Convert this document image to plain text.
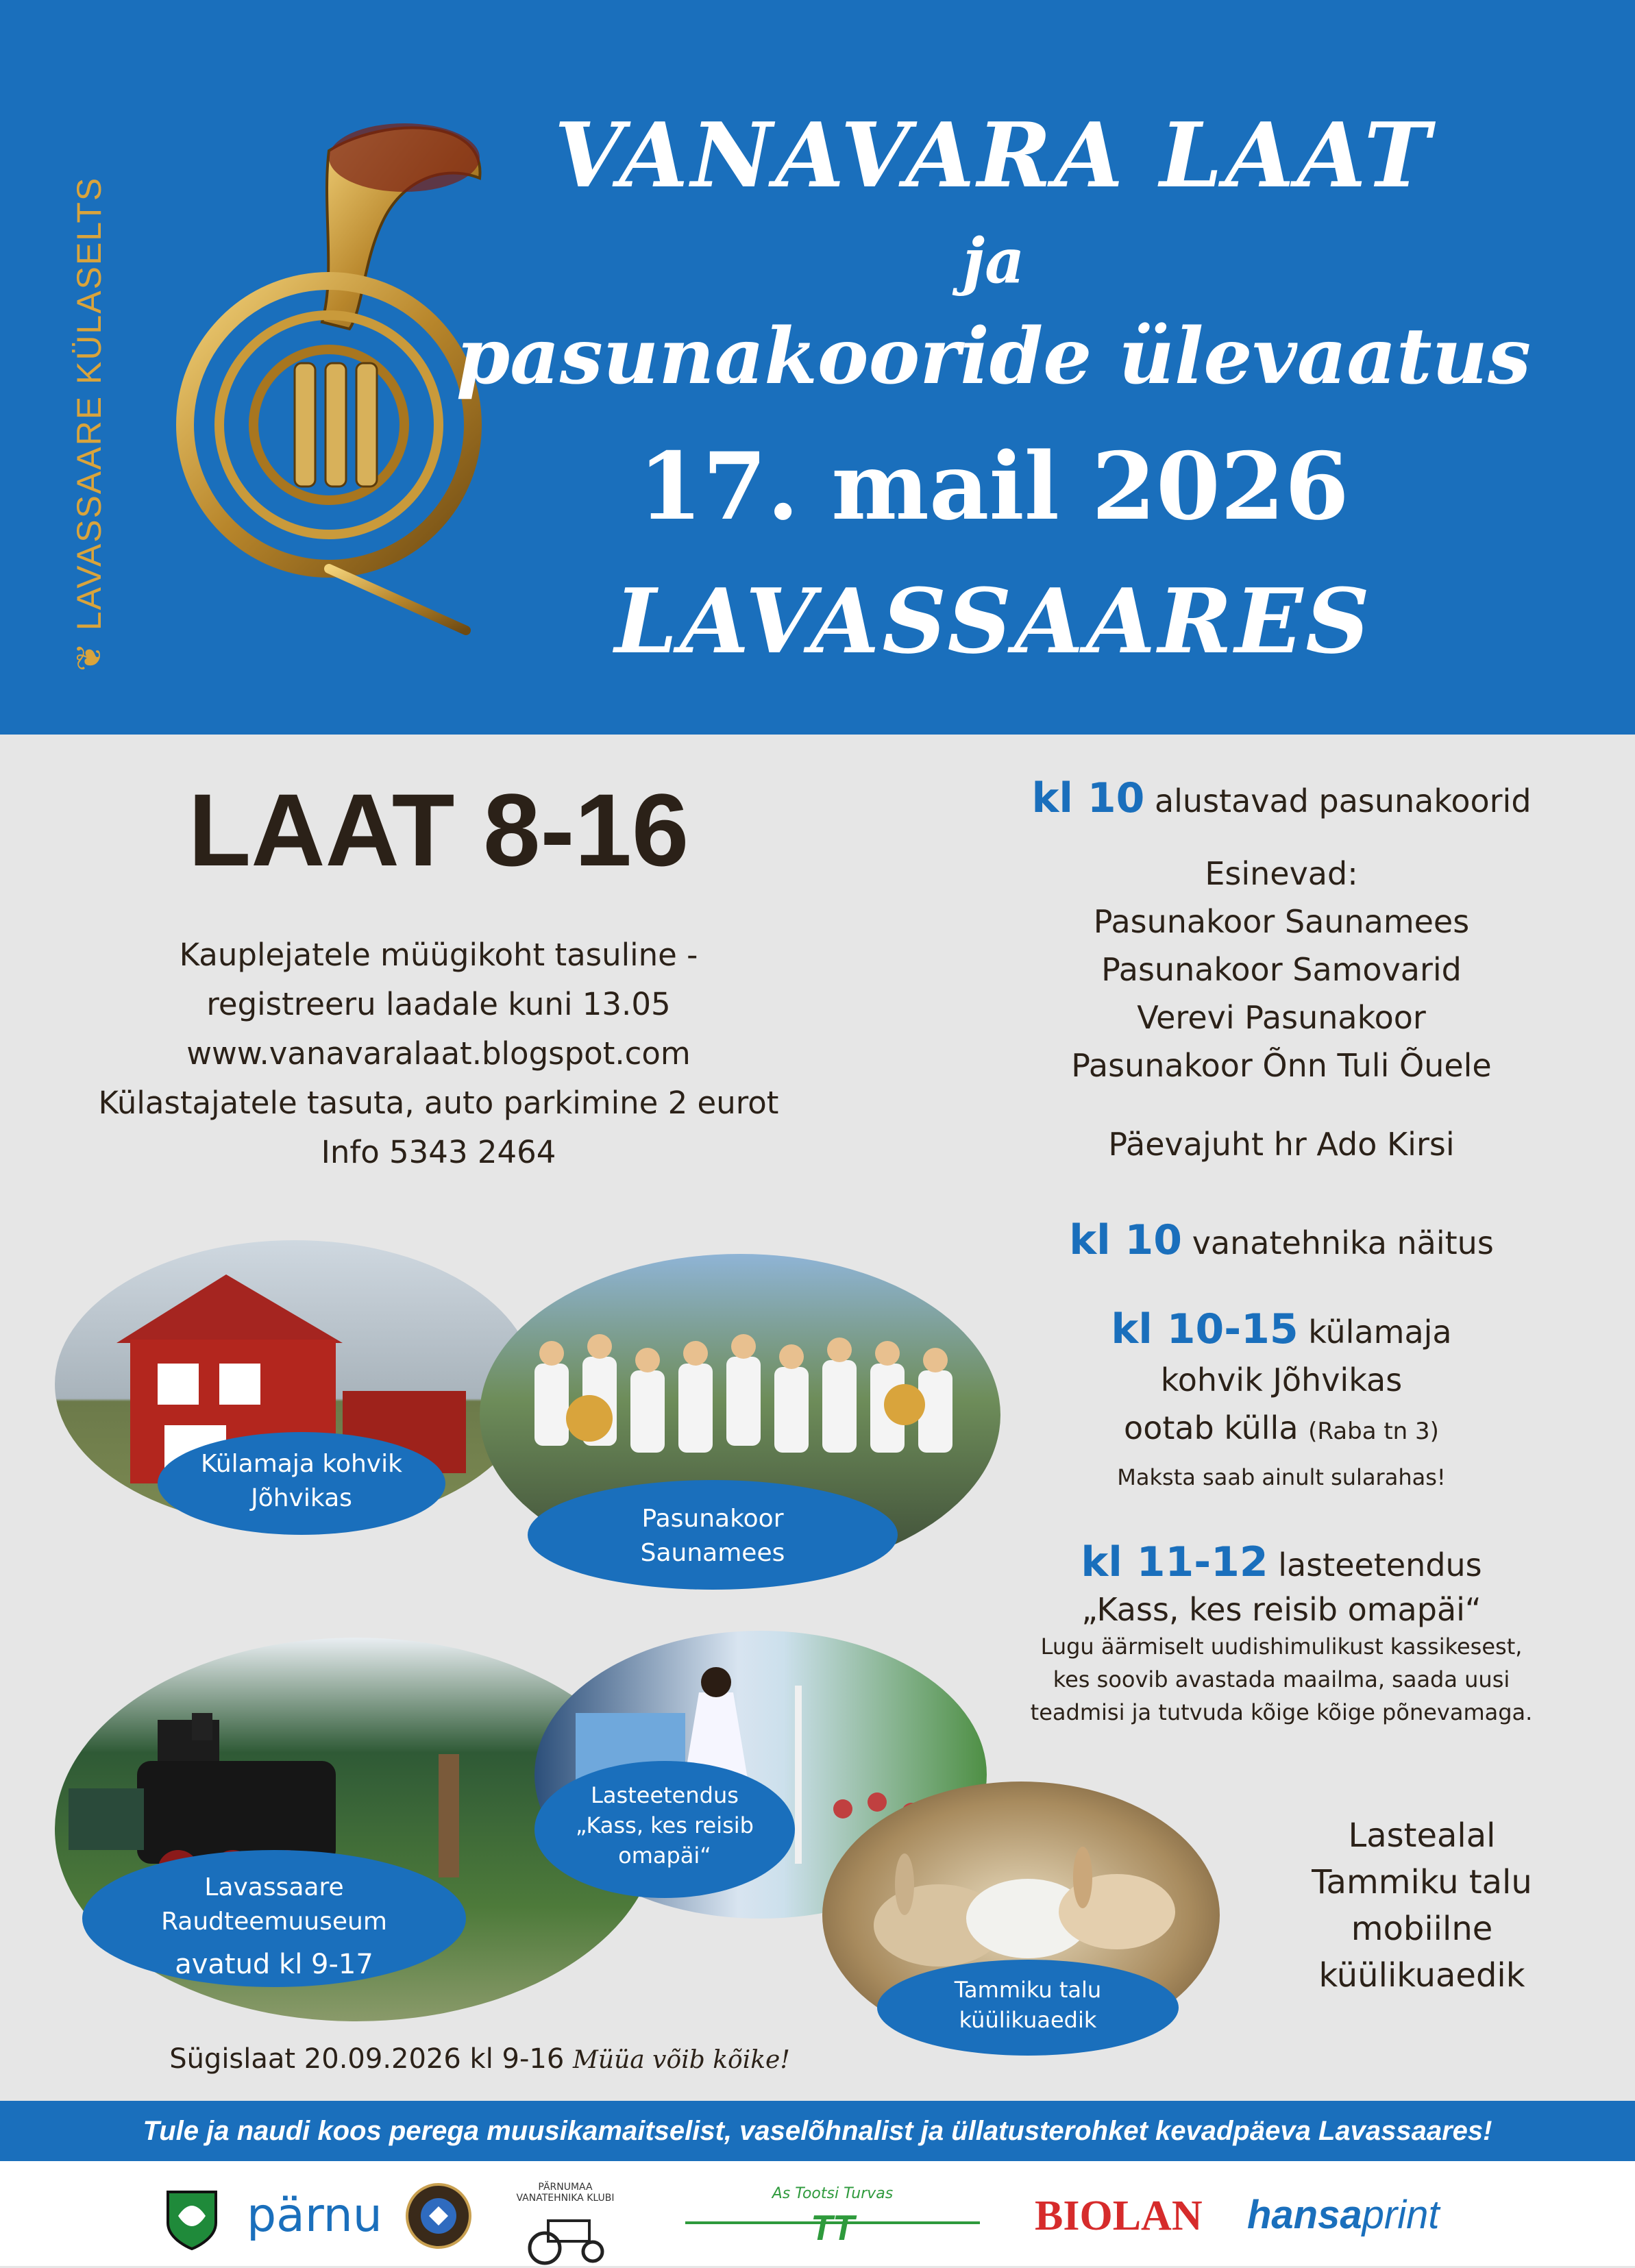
❦ LAVASSAARE KÜLASELTS
VANAVARA LAAT
ja
pasunakooride ülevaatus
17. mail 2026
LAVASSAARES
LAAT 8-16
Kauplejatele müügikoht tasuline -
registreeru laadale kuni 13.05
www.vanavaralaat.blogspot.com
Külastajatele tasuta, auto parkimine 2 eurot
Info 5343 2464
kl 10 alustavad pasunakoorid
Esinevad:
Pasunakoor Saunamees
Pasunakoor Samovarid
Verevi Pasunakoor
Pasunakoor Õnn Tuli Õuele
Päevajuht hr Ado Kirsi
kl 10 vanatehnika näitus
kl 10-15 külamaja
kohvik Jõhvikas
ootab külla (Raba tn 3)
Maksta saab ainult sularahas!
kl 11-12 lasteetendus
„Kass, kes reisib omapäi“
Lugu äärmiselt uudishimulikust kassikesest,
kes soovib avastada maailma, saada uusi
teadmisi ja tutvuda kõige kõige põnevamaga.
Lastealal
Tammiku talu
mobiilne
küülikuaedik
Külamaja kohvik
Jõhvikas
Pasunakoor
Saunamees
Lavassaare
Raudteemuuseum
avatud kl 9-17
Lasteetendus
„Kass, kes reisib
omapäi“
Tammiku talu
küülikuaedik
Sügislaat 20.09.2026 kl 9-16 Müüa võib kõike!
Tule ja naudi koos perega muusikamaitselist, vaselõhnalist ja üllatusterohket kevadpäeva Lavassaares!
pärnu
PÄRNUMAA VANATEHNIKA KLUBI	As Tootsi Turvas
TT	BIOLAN hansaprint
